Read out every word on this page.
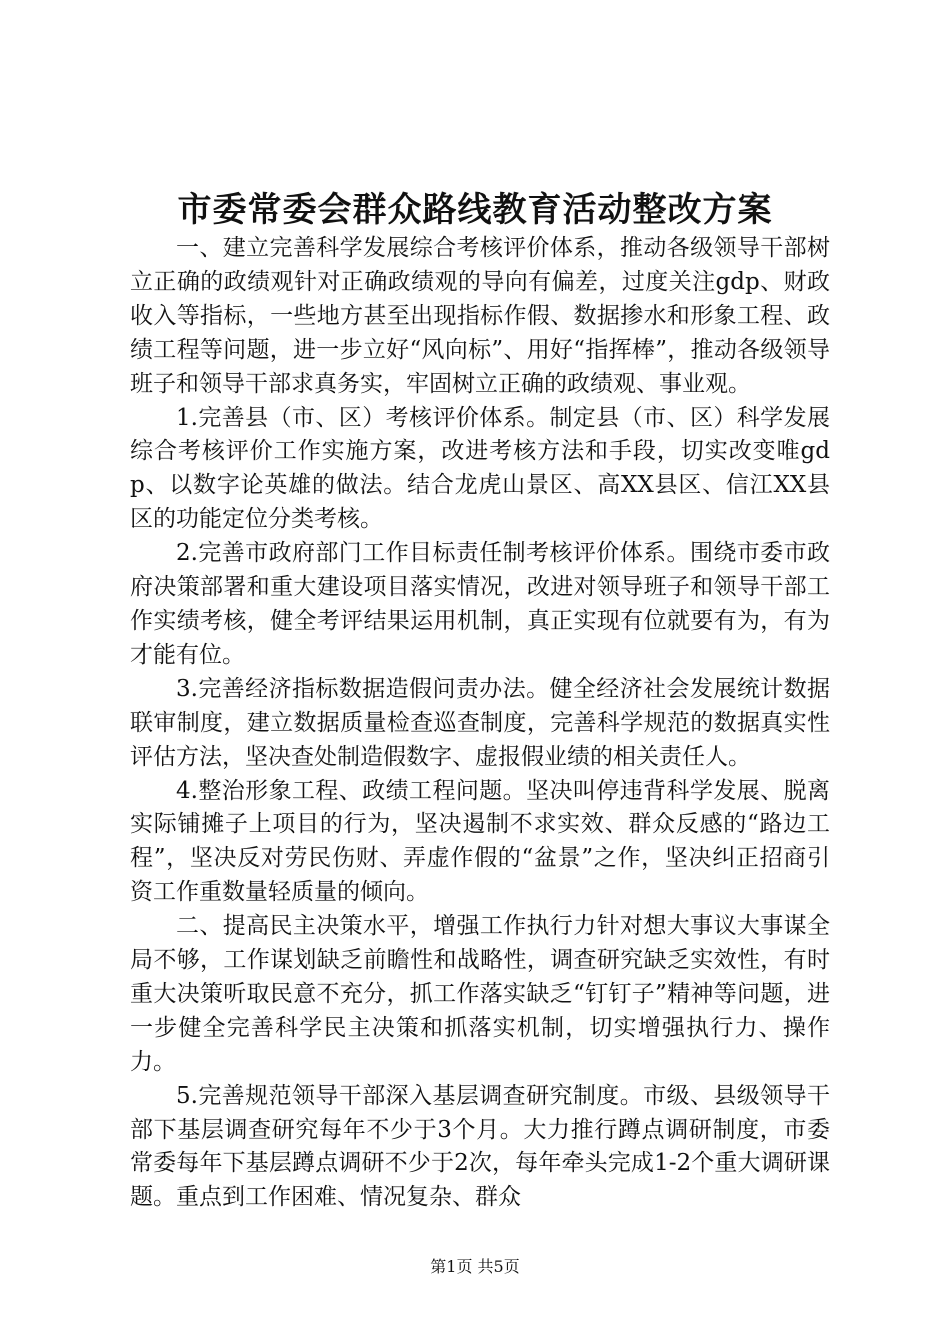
市委常委会群众路线教育活动整改方案

一、建立完善科学发展综合考核评价体系，推动各级领导干部树立正确的政绩观针对正确政绩观的导向有偏差，过度关注gdp、财政收入等指标，一些地方甚至出现指标作假、数据掺水和形象工程、政绩工程等问题，进一步立好“风向标”、用好“指挥棒”，推动各级领导班子和领导干部求真务实，牢固树立正确的政绩观、事业观。

1.完善县（市、区）考核评价体系。制定县（市、区）科学发展综合考核评价工作实施方案，改进考核方法和手段，切实改变唯gdp、以数字论英雄的做法。结合龙虎山景区、高XX县区、信江XX县区的功能定位分类考核。

2.完善市政府部门工作目标责任制考核评价体系。围绕市委市政府决策部署和重大建设项目落实情况，改进对领导班子和领导干部工作实绩考核，健全考评结果运用机制，真正实现有位就要有为，有为才能有位。

3.完善经济指标数据造假问责办法。健全经济社会发展统计数据联审制度，建立数据质量检查巡查制度，完善科学规范的数据真实性评估方法，坚决查处制造假数字、虚报假业绩的相关责任人。

4.整治形象工程、政绩工程问题。坚决叫停违背科学发展、脱离实际铺摊子上项目的行为，坚决遏制不求实效、群众反感的“路边工程”，坚决反对劳民伤财、弄虚作假的“盆景”之作，坚决纠正招商引资工作重数量轻质量的倾向。

二、提高民主决策水平，增强工作执行力针对想大事议大事谋全局不够，工作谋划缺乏前瞻性和战略性，调查研究缺乏实效性，有时重大决策听取民意不充分，抓工作落实缺乏“钉钉子”精神等问题，进一步健全完善科学民主决策和抓落实机制，切实增强执行力、操作力。

5.完善规范领导干部深入基层调查研究制度。市级、县级领导干部下基层调查研究每年不少于3个月。大力推行蹲点调研制度，市委常委每年下基层蹲点调研不少于2次，每年牵头完成1-2个重大调研课题。重点到工作困难、情况复杂、群众

第1页 共5页
